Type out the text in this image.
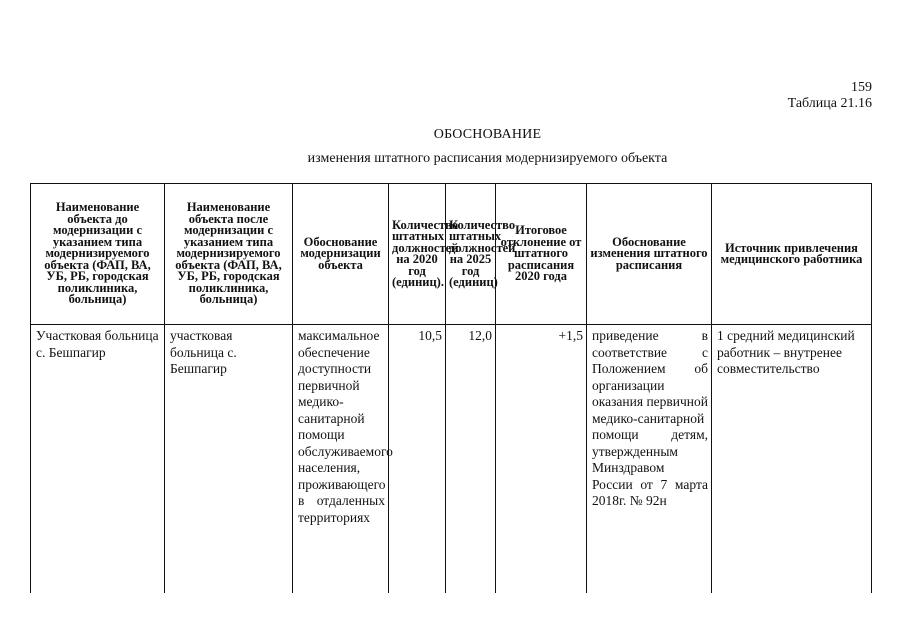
159
Таблица 21.16
ОБОСНОВАНИЕ
изменения штатного расписания модернизируемого объекта
Наименование объекта до модернизации с указанием типа модернизируемого объекта (ФАП, ВА, УБ, РБ, городская поликлиника, больница)	Наименование объекта после модернизации с указанием типа модернизируемого объекта (ФАП, ВА, УБ, РБ, городская поликлиника, больница)	Обоснование модернизации объекта	Количество штатных должностей на 2020 год (единиц).	Количество штатных должностей на 2025 год (единиц)	Итоговое отклонение от штатного расписания 2020 года	Обоснование изменения штатного расписания	Источник привлечения медицинского работника
Участковая больница с. Бешпагир	участковая больница с. Бешпагир	максимальное обеспечение доступности первичной медико-санитарной помощи обслуживаемого населения, проживающего в отдаленных территориях	10,5	12,0	+1,5	приведение в соответствие с Положением об организации оказания первичной медико-санитарной помощи детям, утвержденным Минздравом России от 7 марта 2018г. № 92н	1 средний медицинский работник – внутренее совместительство
